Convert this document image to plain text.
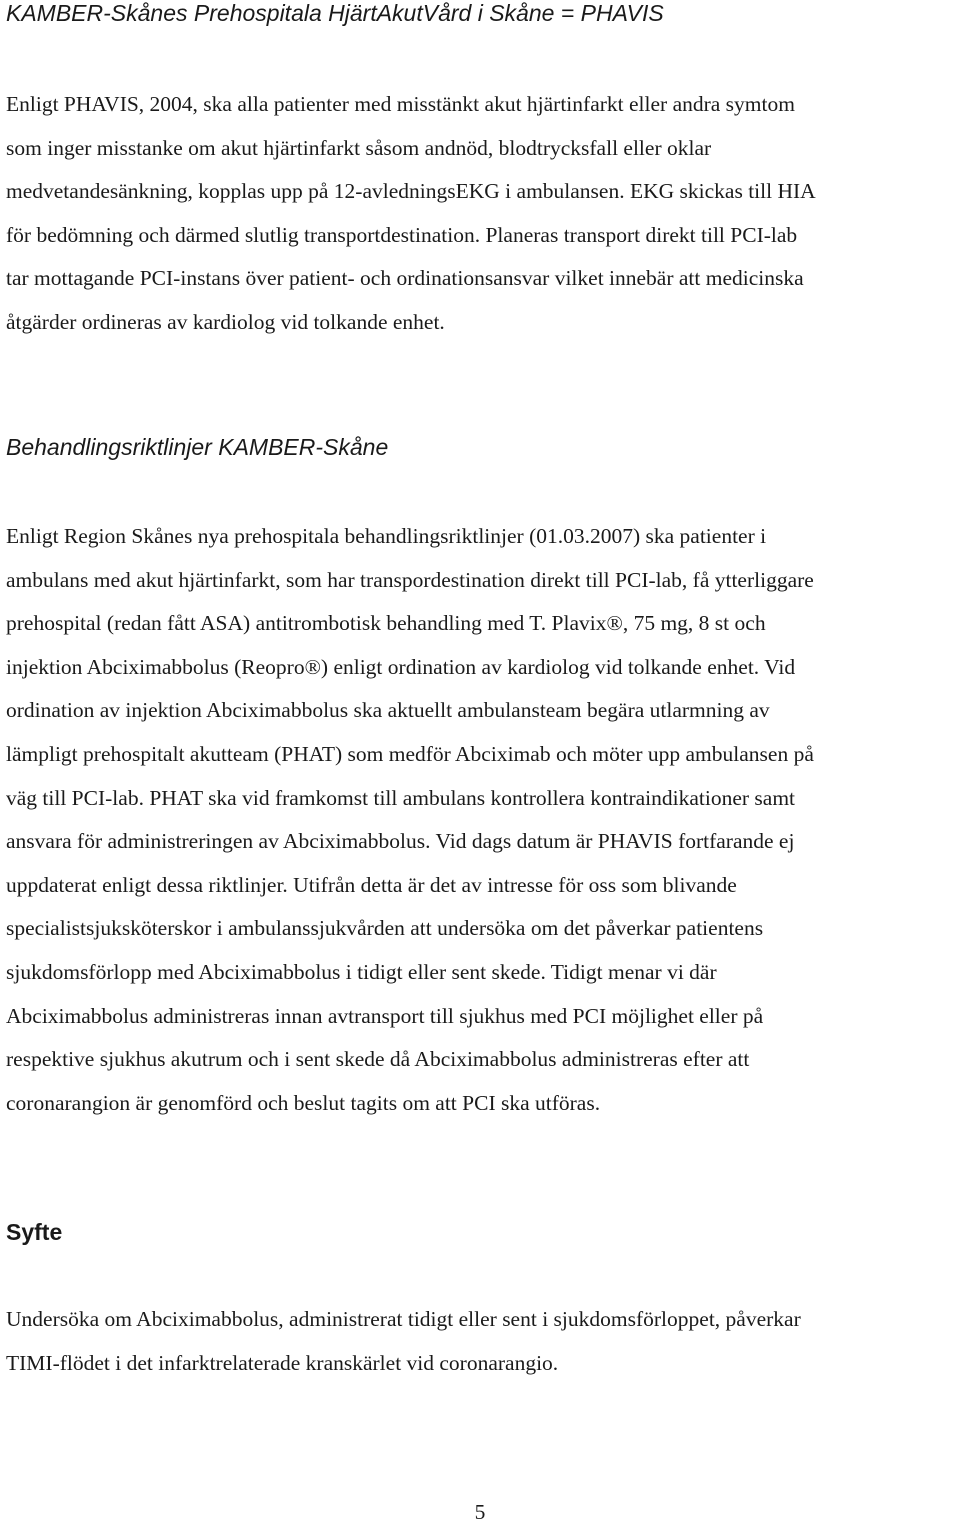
KAMBER-Skånes Prehospitala HjärtAkutVård i Skåne = PHAVIS

Enligt PHAVIS, 2004, ska alla patienter med misstänkt akut hjärtinfarkt eller andra symtom
som inger misstanke om akut hjärtinfarkt såsom andnöd, blodtrycksfall eller oklar
medvetandesänkning, kopplas upp på 12-avledningsEKG i ambulansen. EKG skickas till HIA
för bedömning och därmed slutlig transportdestination. Planeras transport direkt till PCI-lab
tar mottagande PCI-instans över patient- och ordinationsansvar vilket innebär att medicinska
åtgärder ordineras av kardiolog vid tolkande enhet.

Behandlingsriktlinjer KAMBER-Skåne

Enligt Region Skånes nya prehospitala behandlingsriktlinjer (01.03.2007) ska patienter i
ambulans med akut hjärtinfarkt, som har transpordestination direkt till PCI-lab, få ytterliggare
prehospital (redan fått ASA) antitrombotisk behandling med T. Plavix®, 75 mg, 8 st och
injektion Abciximabbolus (Reopro®) enligt ordination av kardiolog vid tolkande enhet. Vid
ordination av injektion Abciximabbolus ska aktuellt ambulansteam begära utlarmning av
lämpligt prehospitalt akutteam (PHAT) som medför Abciximab och möter upp ambulansen på
väg till PCI-lab. PHAT ska vid framkomst till ambulans kontrollera kontraindikationer samt
ansvara för administreringen av Abciximabbolus. Vid dags datum är PHAVIS fortfarande ej
uppdaterat enligt dessa riktlinjer. Utifrån detta är det av intresse för oss som blivande
specialistsjuksköterskor i ambulanssjukvården att undersöka om det påverkar patientens
sjukdomsförlopp med Abciximabbolus i tidigt eller sent skede. Tidigt menar vi där
Abciximabbolus administreras innan avtransport till sjukhus med PCI möjlighet eller på
respektive sjukhus akutrum och i sent skede då Abciximabbolus administreras efter att
coronarangion är genomförd och beslut tagits om att PCI ska utföras.

Syfte

Undersöka om Abciximabbolus, administrerat tidigt eller sent i sjukdomsförloppet, påverkar
TIMI-flödet i det infarktrelaterade kranskärlet vid coronarangio.

5
